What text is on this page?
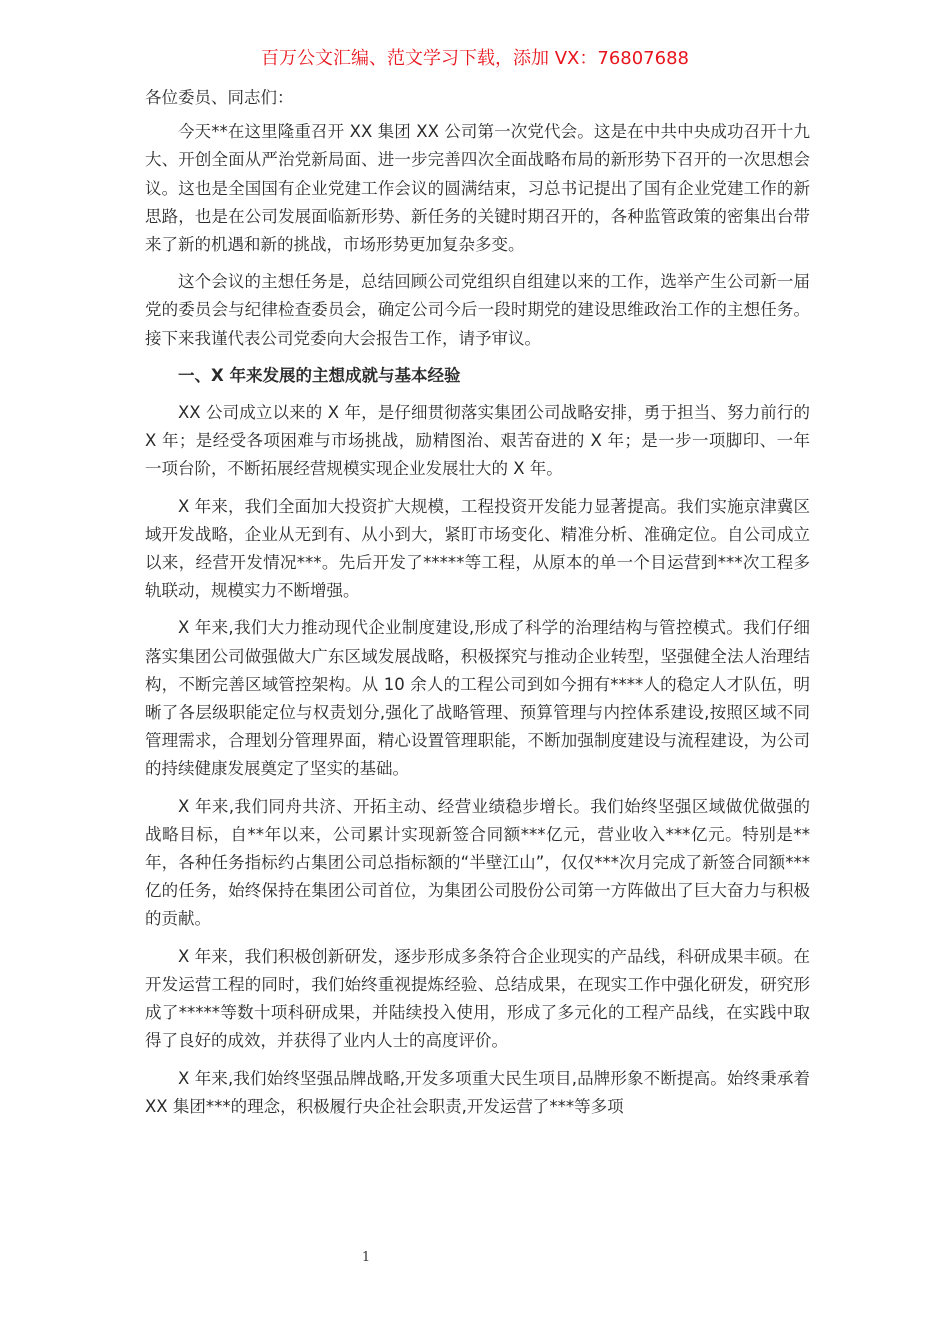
百万公文汇编、范文学习下载，添加 VX：76807688

各位委员、同志们：

今天**在这里隆重召开 XX 集团 XX 公司第一次党代会。这是在中共中央成功召开十九大、开创全面从严治党新局面、进一步完善四次全面战略布局的新形势下召开的一次思想会议。这也是全国国有企业党建工作会议的圆满结束，习总书记提出了国有企业党建工作的新思路，也是在公司发展面临新形势、新任务的关键时期召开的，各种监管政策的密集出台带来了新的机遇和新的挑战，市场形势更加复杂多变。

这个会议的主想任务是，总结回顾公司党组织自组建以来的工作，选举产生公司新一届党的委员会与纪律检查委员会，确定公司今后一段时期党的建设思维政治工作的主想任务。接下来我谨代表公司党委向大会报告工作，请予审议。

一、X 年来发展的主想成就与基本经验

XX 公司成立以来的 X 年，是仔细贯彻落实集团公司战略安排，勇于担当、努力前行的 X 年；是经受各项困难与市场挑战，励精图治、艰苦奋进的 X 年；是一步一项脚印、一年一项台阶，不断拓展经营规模实现企业发展壮大的 X 年。

X 年来，我们全面加大投资扩大规模，工程投资开发能力显著提高。我们实施京津冀区域开发战略，企业从无到有、从小到大，紧盯市场变化、精准分析、准确定位。自公司成立以来，经营开发情况***。先后开发了*****等工程，从原本的单一个目运营到***次工程多轨联动，规模实力不断增强。

X 年来,我们大力推动现代企业制度建设,形成了科学的治理结构与管控模式。我们仔细落实集团公司做强做大广东区域发展战略，积极探究与推动企业转型，坚强健全法人治理结构，不断完善区域管控架构。从 10 余人的工程公司到如今拥有****人的稳定人才队伍，明晰了各层级职能定位与权责划分,强化了战略管理、预算管理与内控体系建设,按照区域不同管理需求，合理划分管理界面，精心设置管理职能，不断加强制度建设与流程建设，为公司的持续健康发展奠定了坚实的基础。

X 年来,我们同舟共济、开拓主动、经营业绩稳步增长。我们始终坚强区域做优做强的战略目标，自**年以来，公司累计实现新签合同额***亿元，营业收入***亿元。特别是**年，各种任务指标约占集团公司总指标额的“半壁江山”，仅仅***次月完成了新签合同额***亿的任务，始终保持在集团公司首位，为集团公司股份公司第一方阵做出了巨大奋力与积极的贡献。

X 年来，我们积极创新研发，逐步形成多条符合企业现实的产品线，科研成果丰硕。在开发运营工程的同时，我们始终重视提炼经验、总结成果，在现实工作中强化研发，研究形成了*****等数十项科研成果，并陆续投入使用，形成了多元化的工程产品线，在实践中取得了良好的成效，并获得了业内人士的高度评价。

X 年来,我们始终坚强品牌战略,开发多项重大民生项目,品牌形象不断提高。始终秉承着 XX 集团***的理念，积极履行央企社会职责,开发运营了***等多项

1
